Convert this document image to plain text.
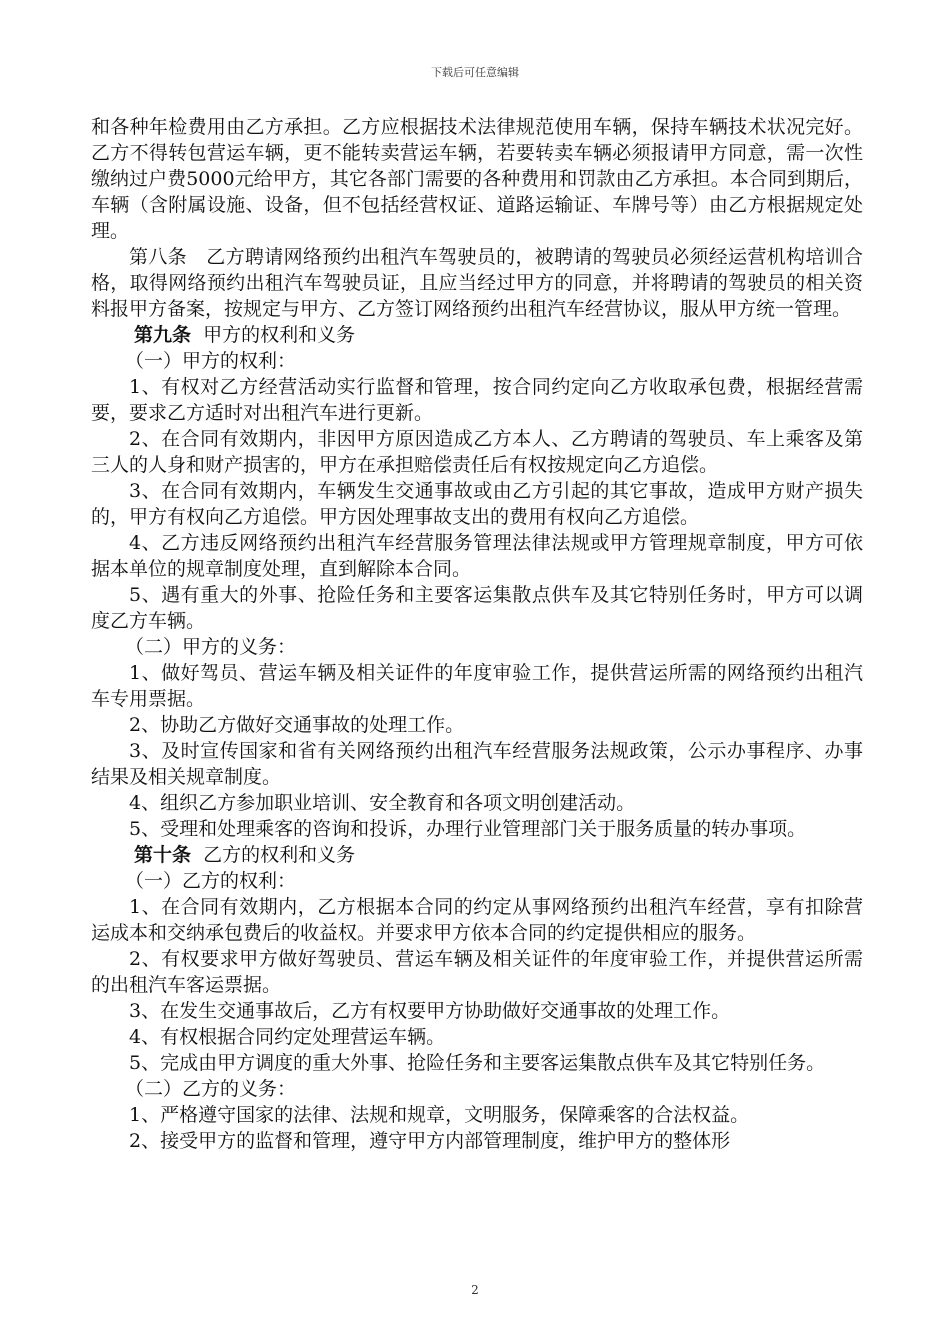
下载后可任意编辑

和各种年检费用由乙方承担。乙方应根据技术法律规范使用车辆，保持车辆技术状况完好。乙方不得转包营运车辆，更不能转卖营运车辆，若要转卖车辆必须报请甲方同意，需一次性缴纳过户费5000元给甲方，其它各部门需要的各种费用和罚款由乙方承担。本合同到期后，车辆（含附属设施、设备，但不包括经营权证、道路运输证、车牌号等）由乙方根据规定处理。

第八条　乙方聘请网络预约出租汽车驾驶员的，被聘请的驾驶员必须经运营机构培训合格，取得网络预约出租汽车驾驶员证，且应当经过甲方的同意，并将聘请的驾驶员的相关资料报甲方备案，按规定与甲方、乙方签订网络预约出租汽车经营协议，服从甲方统一管理。

第九条  甲方的权利和义务

（一）甲方的权利：

1、有权对乙方经营活动实行监督和管理，按合同约定向乙方收取承包费，根据经营需要，要求乙方适时对出租汽车进行更新。

2、在合同有效期内，非因甲方原因造成乙方本人、乙方聘请的驾驶员、车上乘客及第三人的人身和财产损害的，甲方在承担赔偿责任后有权按规定向乙方追偿。

3、在合同有效期内，车辆发生交通事故或由乙方引起的其它事故，造成甲方财产损失的，甲方有权向乙方追偿。甲方因处理事故支出的费用有权向乙方追偿。

4、乙方违反网络预约出租汽车经营服务管理法律法规或甲方管理规章制度，甲方可依据本单位的规章制度处理，直到解除本合同。

5、遇有重大的外事、抢险任务和主要客运集散点供车及其它特别任务时，甲方可以调度乙方车辆。

（二）甲方的义务：

1、做好驾员、营运车辆及相关证件的年度审验工作，提供营运所需的网络预约出租汽车专用票据。

2、协助乙方做好交通事故的处理工作。

3、及时宣传国家和省有关网络预约出租汽车经营服务法规政策，公示办事程序、办事结果及相关规章制度。

4、组织乙方参加职业培训、安全教育和各项文明创建活动。

5、受理和处理乘客的咨询和投诉，办理行业管理部门关于服务质量的转办事项。

第十条  乙方的权利和义务

（一）乙方的权利：

1、在合同有效期内，乙方根据本合同的约定从事网络预约出租汽车经营，享有扣除营运成本和交纳承包费后的收益权。并要求甲方依本合同的约定提供相应的服务。

2、有权要求甲方做好驾驶员、营运车辆及相关证件的年度审验工作，并提供营运所需的出租汽车客运票据。

3、在发生交通事故后，乙方有权要甲方协助做好交通事故的处理工作。

4、有权根据合同约定处理营运车辆。

5、完成由甲方调度的重大外事、抢险任务和主要客运集散点供车及其它特别任务。

（二）乙方的义务：

1、严格遵守国家的法律、法规和规章，文明服务，保障乘客的合法权益。

2、接受甲方的监督和管理，遵守甲方内部管理制度，维护甲方的整体形

2
